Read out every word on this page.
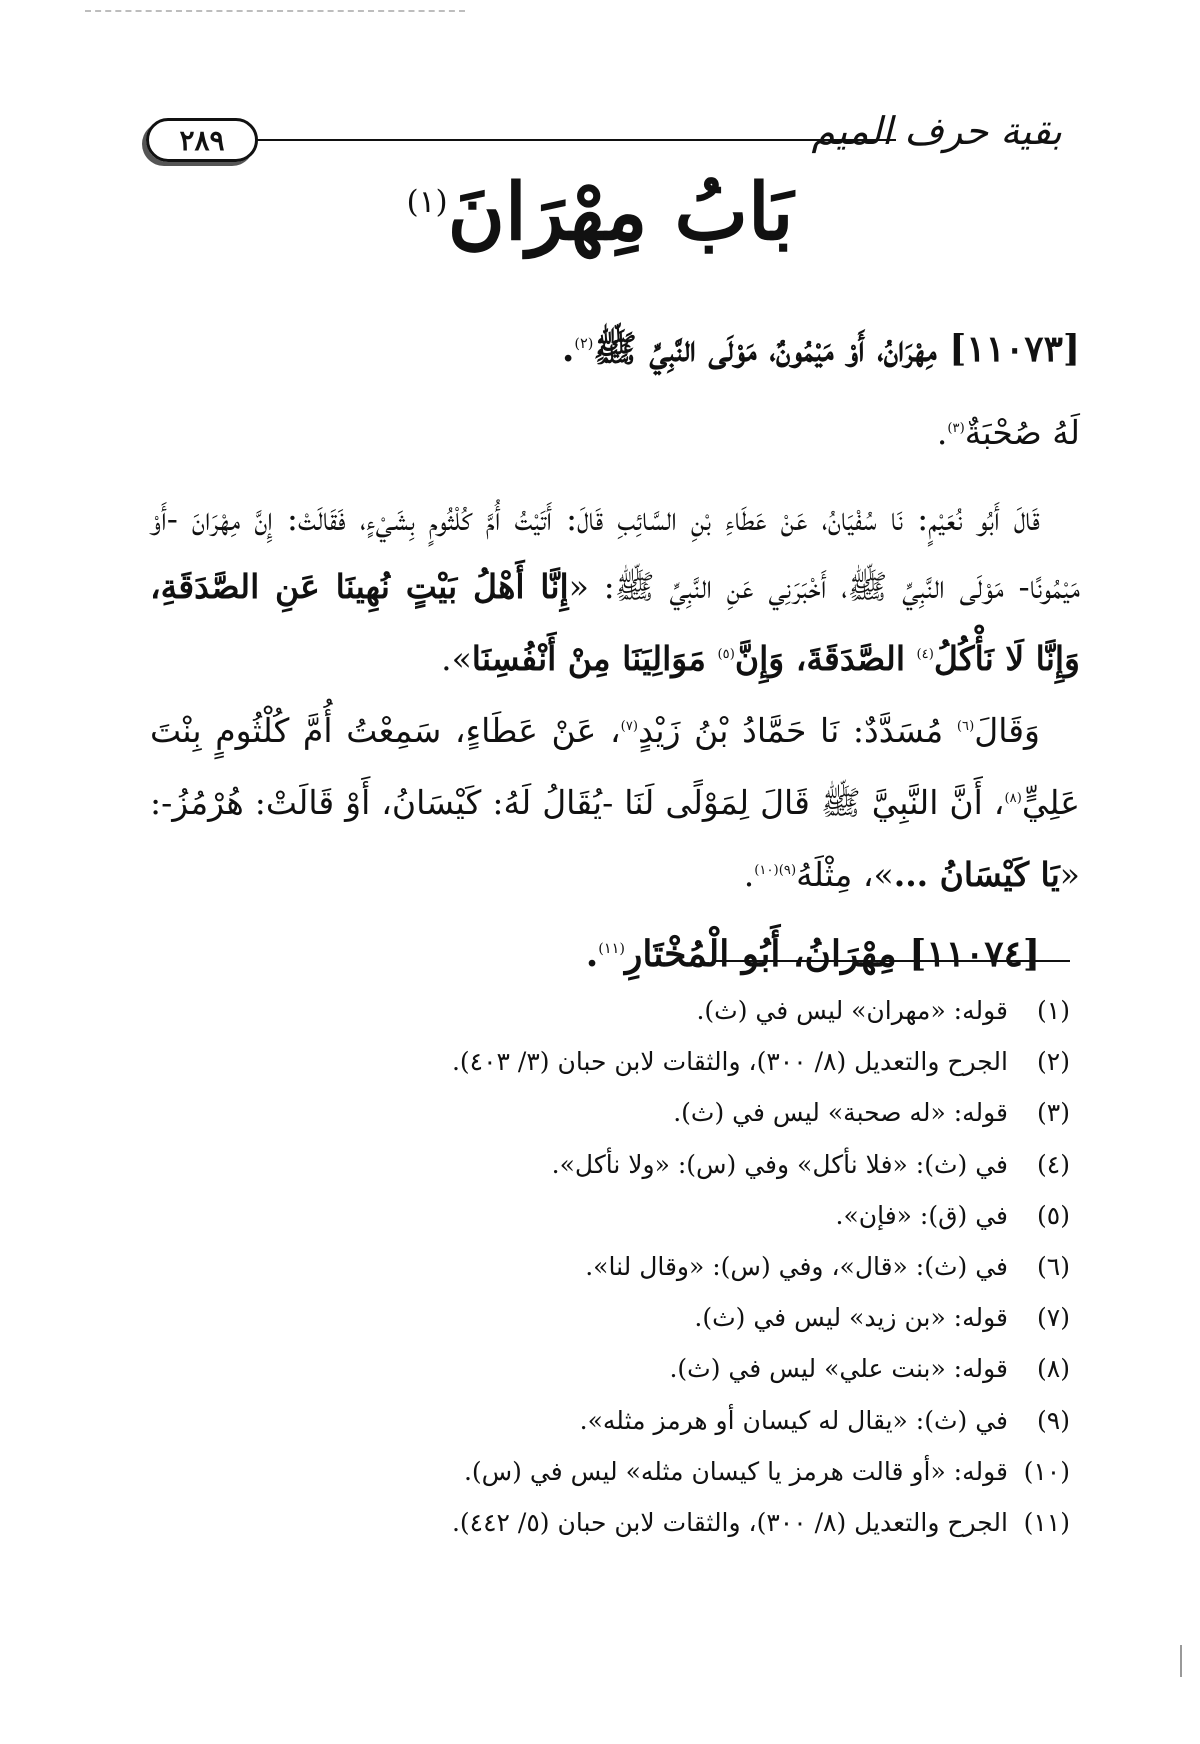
٢٨٩	بقية حرف الميم
بَابُ مِهْرَانَ$^{(١)}$

[١١٠٧٣] مِهْرَانُ، أَوْ مَيْمُونٌ، مَوْلَى النَّبِيِّ ﷺ$^{(٢)}$.

لَهُ صُحْبَةٌ$^{(٣)}$.

قَالَ أَبُو نُعَيْمٍ: نَا سُفْيَانُ، عَنْ عَطَاءِ بْنِ السَّائِبِ قَالَ: أَتَيْتُ أُمَّ كُلْثُومٍ بِشَيْءٍ، فَقَالَتْ: إِنَّ مِهْرَانَ -أَوْ مَيْمُونًا- مَوْلَى النَّبِيِّ ﷺ، أَخْبَرَنِي عَنِ النَّبِيِّ ﷺ: «إِنَّا أَهْلُ بَيْتٍ نُهِينَا عَنِ الصَّدَقَةِ، وَإِنَّا لَا نَأْكُلُ$^{(٤)}$ الصَّدَقَةَ، وَإِنَّ$^{(٥)}$ مَوَالِيَنَا مِنْ أَنْفُسِنَا».

وَقَالَ$^{(٦)}$ مُسَدَّدٌ: نَا حَمَّادُ بْنُ زَيْدٍ$^{(٧)}$، عَنْ عَطَاءٍ، سَمِعْتُ أُمَّ كُلْثُومٍ بِنْتَ عَلِيٍّ$^{(٨)}$، أَنَّ النَّبِيَّ ﷺ قَالَ لِمَوْلًى لَنَا -يُقَالُ لَهُ: كَيْسَانُ، أَوْ قَالَتْ: هُرْمُزُ-: «يَا كَيْسَانُ ...»، مِثْلَهُ$^{(٩)(١٠)}$.

[١١٠٧٤] مِهْرَانُ، أَبُو الْمُخْتَارِ$^{(١١)}$.

(١)قوله: «مهران» ليس في (ث).
(٢)الجرح والتعديل (٨/ ٣٠٠)، والثقات لابن حبان (٣/ ٤٠٣).
(٣)قوله: «له صحبة» ليس في (ث).
(٤)في (ث): «فلا نأكل» وفي (س): «ولا نأكل».
(٥)في (ق): «فإن».
(٦)في (ث): «قال»، وفي (س): «وقال لنا».
(٧)قوله: «بن زيد» ليس في (ث).
(٨)قوله: «بنت علي» ليس في (ث).
(٩)في (ث): «يقال له كيسان أو هرمز مثله».
(١٠)قوله: «أو قالت هرمز يا كيسان مثله» ليس في (س).
(١١)الجرح والتعديل (٨/ ٣٠٠)، والثقات لابن حبان (٥/ ٤٤٢).
